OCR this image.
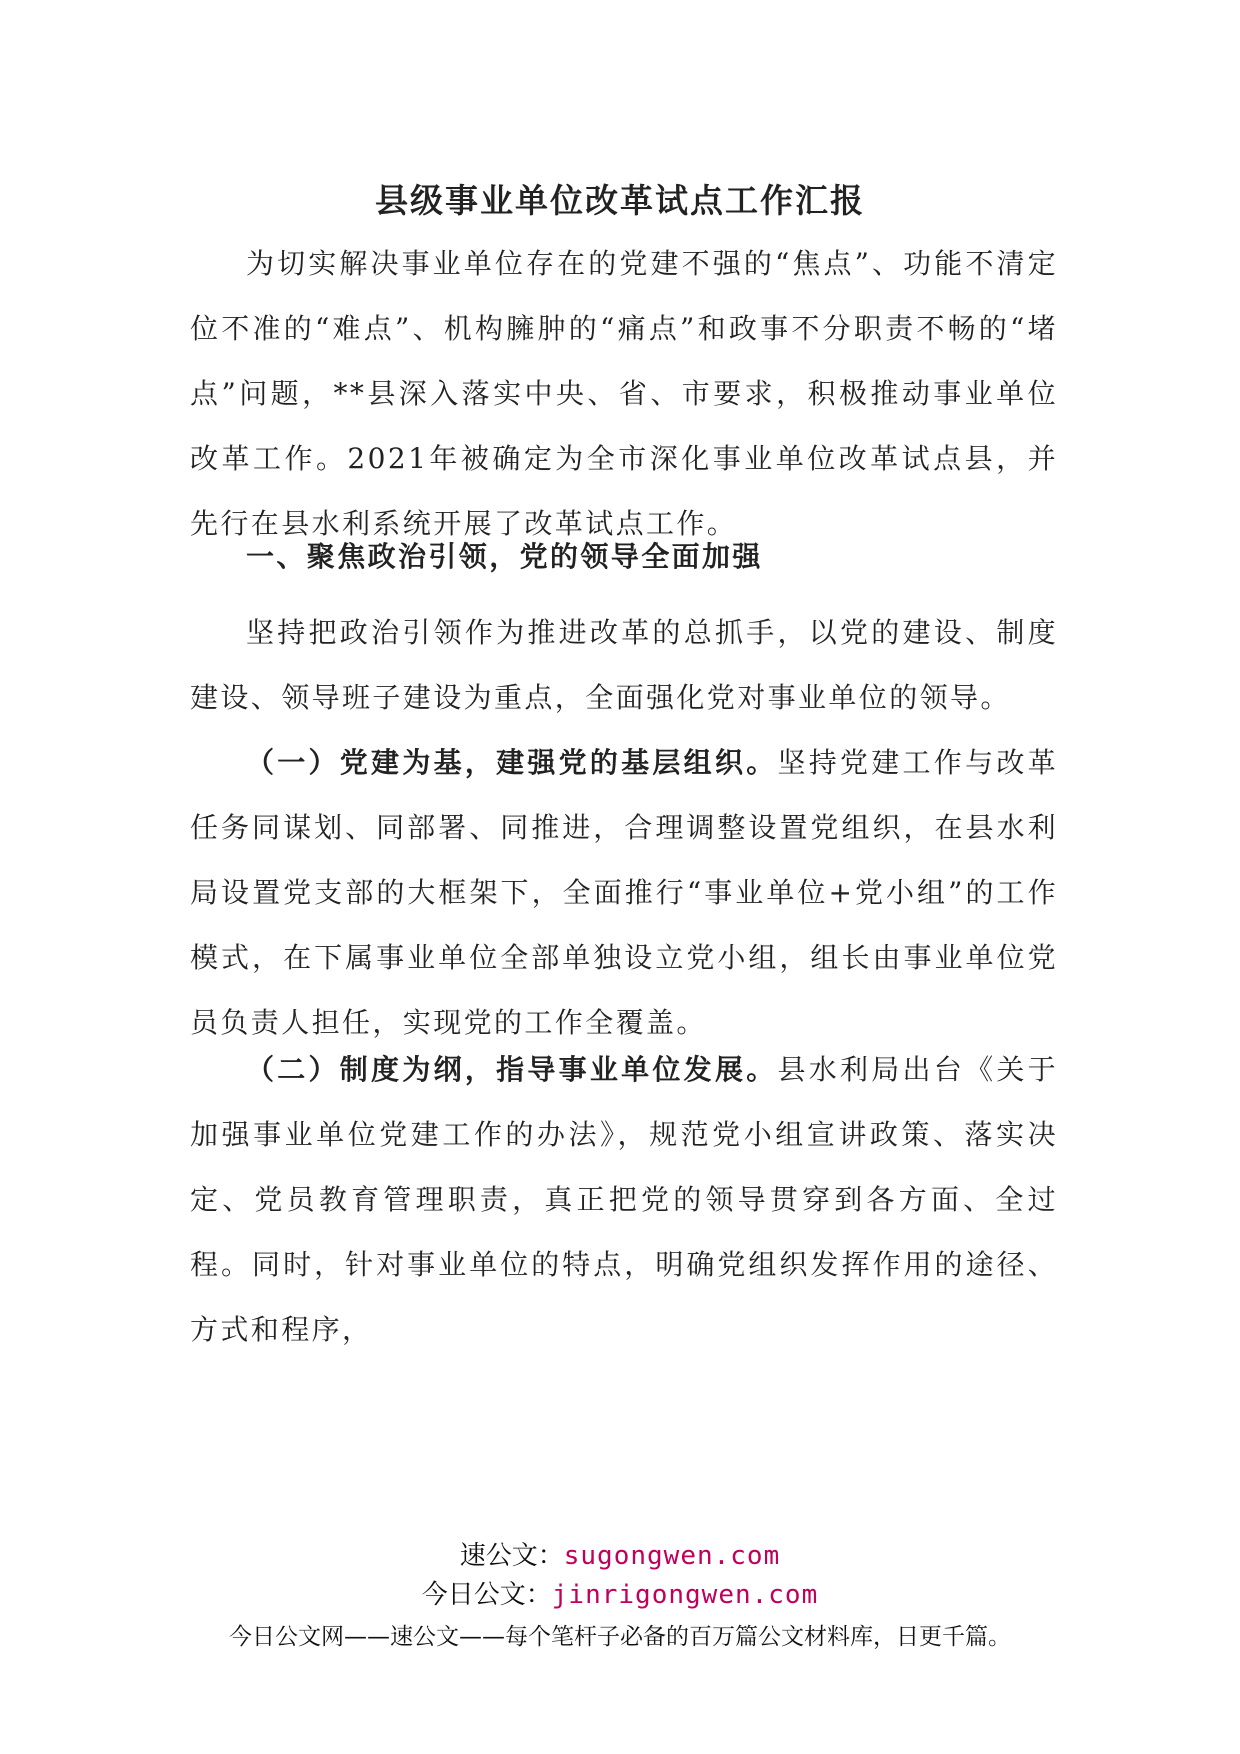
县级事业单位改革试点工作汇报

为切实解决事业单位存在的党建不强的“焦点”、功能不清定位不准的“难点”、机构臃肿的“痛点”和政事不分职责不畅的“堵点”问题，**县深入落实中央、省、市要求，积极推动事业单位改革工作。2021年被确定为全市深化事业单位改革试点县，并先行在县水利系统开展了改革试点工作。

一、聚焦政治引领，党的领导全面加强

坚持把政治引领作为推进改革的总抓手，以党的建设、制度建设、领导班子建设为重点，全面强化党对事业单位的领导。

（一）党建为基，建强党的基层组织。坚持党建工作与改革任务同谋划、同部署、同推进，合理调整设置党组织，在县水利局设置党支部的大框架下，全面推行“事业单位+党小组”的工作模式，在下属事业单位全部单独设立党小组，组长由事业单位党员负责人担任，实现党的工作全覆盖。

（二）制度为纲，指导事业单位发展。县水利局出台《关于加强事业单位党建工作的办法》，规范党小组宣讲政策、落实决定、党员教育管理职责，真正把党的领导贯穿到各方面、全过程。同时，针对事业单位的特点，明确党组织发挥作用的途径、方式和程序，

速公文：sugongwen.com
今日公文：jinrigongwen.com
今日公文网——速公文——每个笔杆子必备的百万篇公文材料库，日更千篇。
